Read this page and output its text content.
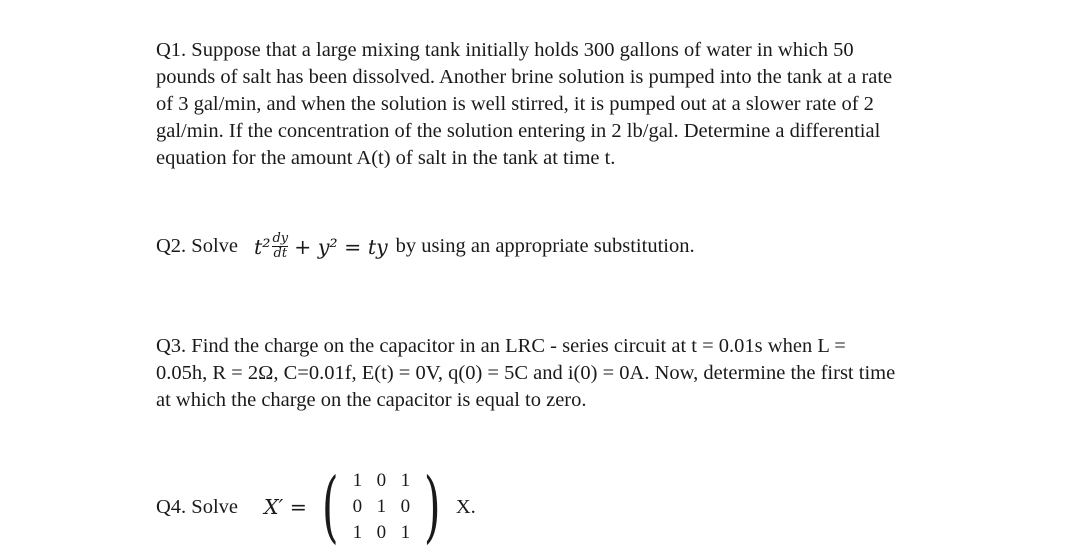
Q1. Suppose that a large mixing tank initially holds 300 gallons of water in which 50
pounds of salt has been dissolved. Another brine solution is pumped into the tank at a rate
of 3 gal/min, and when the solution is well stirred, it is pumped out at a slower rate of 2
gal/min. If the concentration of the solution entering in 2 lb/gal. Determine a differential
equation for the amount A(t) of salt in the tank at time t.
Q2. Solve $t^2 \frac{dy}{dt} + y^2$ = ty by using an appropriate substitution.
Q3. Find the charge on the capacitor in an LRC - series circuit at t = 0.01s when L =
0.05h, R = 2Ω, C=0.01f, E(t) = 0V, q(0) = 5C and i(0) = 0A. Now, determine the first time
at which the charge on the capacitor is equal to zero.
Q4. Solve X′ = ( 1 0 1
0 1 0
1 0 1 ) X.
